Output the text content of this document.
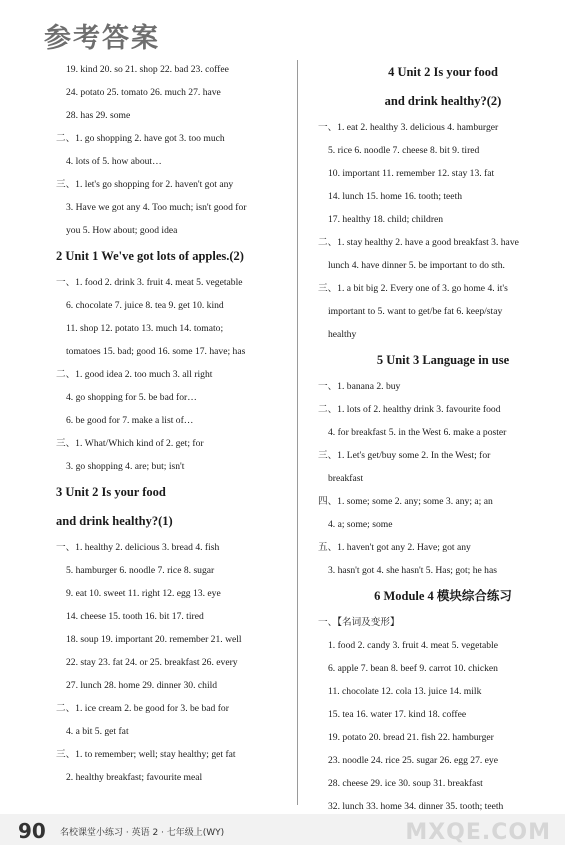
参考答案
19. kind 20. so 21. shop 22. bad 23. coffee
24. potato 25. tomato 26. much 27. have
28. has 29. some
二、1. go shopping 2. have got 3. too much
4. lots of 5. how about…
三、1. let's go shopping for 2. haven't got any
3. Have we got any 4. Too much; isn't good for
you 5. How about; good idea
2 Unit 1 We've got lots of apples.(2)
一、1. food 2. drink 3. fruit 4. meat 5. vegetable
6. chocolate 7. juice 8. tea 9. get 10. kind
11. shop 12. potato 13. much 14. tomato;
tomatoes 15. bad; good 16. some 17. have; has
二、1. good idea 2. too much 3. all right
4. go shopping for 5. be bad for…
6. be good for 7. make a list of…
三、1. What/Which kind of 2. get; for
3. go shopping 4. are; but; isn't
3 Unit 2 Is your food
and drink healthy?(1)
一、1. healthy 2. delicious 3. bread 4. fish
5. hamburger 6. noodle 7. rice 8. sugar
9. eat 10. sweet 11. right 12. egg 13. eye
14. cheese 15. tooth 16. bit 17. tired
18. soup 19. important 20. remember 21. well
22. stay 23. fat 24. or 25. breakfast 26. every
27. lunch 28. home 29. dinner 30. child
二、1. ice cream 2. be good for 3. be bad for
4. a bit 5. get fat
三、1. to remember; well; stay healthy; get fat
2. healthy breakfast; favourite meal
4 Unit 2 Is your food
and drink healthy?(2)
一、1. eat 2. healthy 3. delicious 4. hamburger
5. rice 6. noodle 7. cheese 8. bit 9. tired
10. important 11. remember 12. stay 13. fat
14. lunch 15. home 16. tooth; teeth
17. healthy 18. child; children
二、1. stay healthy 2. have a good breakfast 3. have
lunch 4. have dinner 5. be important to do sth.
三、1. a bit big 2. Every one of 3. go home 4. it's
important to 5. want to get/be fat 6. keep/stay
healthy
5 Unit 3 Language in use
一、1. banana 2. buy
二、1. lots of 2. healthy drink 3. favourite food
4. for breakfast 5. in the West 6. make a poster
三、1. Let's get/buy some 2. In the West; for
breakfast
四、1. some; some 2. any; some 3. any; a; an
4. a; some; some
五、1. haven't got any 2. Have; got any
3. hasn't got 4. she hasn't 5. Has; got; he has
6 Module 4 模块综合练习
一、【名词及变形】
1. food 2. candy 3. fruit 4. meat 5. vegetable
6. apple 7. bean 8. beef 9. carrot 10. chicken
11. chocolate 12. cola 13. juice 14. milk
15. tea 16. water 17. kind 18. coffee
19. potato 20. bread 21. fish 22. hamburger
23. noodle 24. rice 25. sugar 26. egg 27. eye
28. cheese 29. ice 30. soup 31. breakfast
32. lunch 33. home 34. dinner 35. tooth; teeth
90 名校课堂小练习 · 英语 2 · 七年级上(WY)	MXQE.COM
